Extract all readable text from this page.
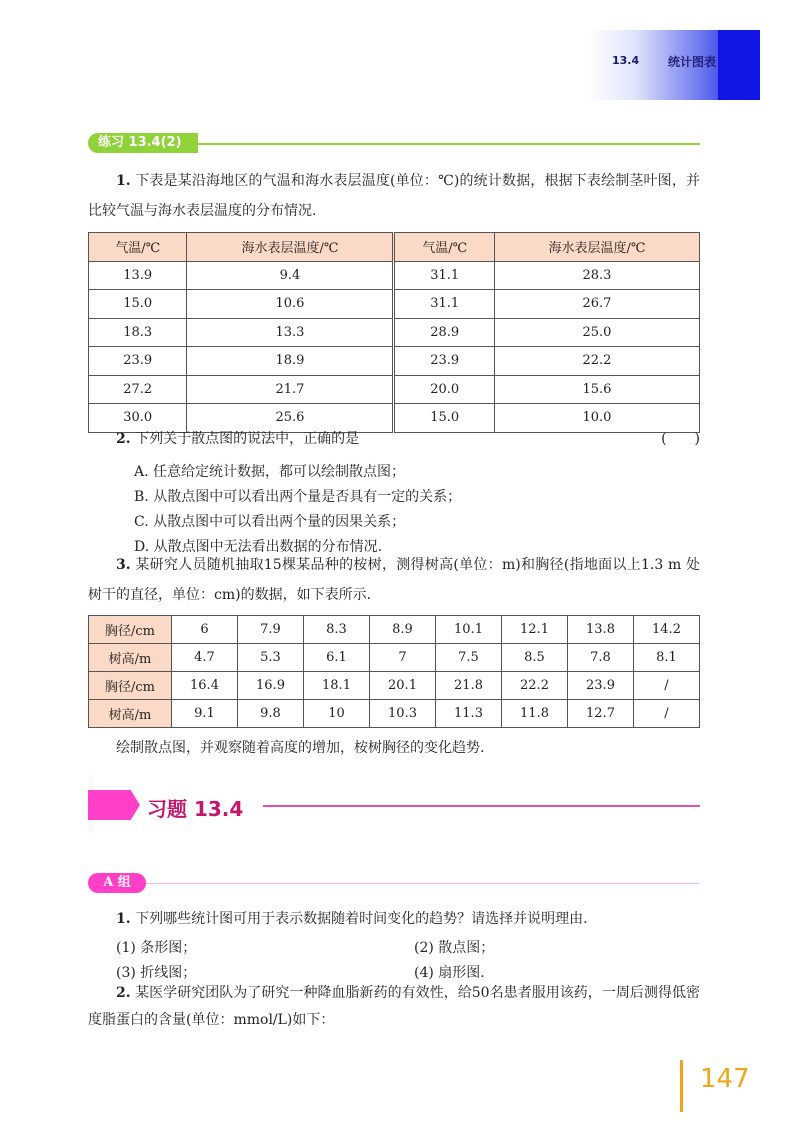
13.4 统计图表
练习 13.4(2)
1. 下表是某沿海地区的气温和海水表层温度(单位：℃)的统计数据，根据下表绘制茎叶图，并比较气温与海水表层温度的分布情况.
气温/℃	海水表层温度/℃	气温/℃	海水表层温度/℃
13.9	9.4	31.1	28.3
15.0	10.6	31.1	26.7
18.3	13.3	28.9	25.0
23.9	18.9	23.9	22.2
27.2	21.7	20.0	15.6
30.0	25.6	15.0	10.0
2. 下列关于散点图的说法中，正确的是	(　　)
A. 任意给定统计数据，都可以绘制散点图；
B. 从散点图中可以看出两个量是否具有一定的关系；
C. 从散点图中可以看出两个量的因果关系；
D. 从散点图中无法看出数据的分布情况.
3. 某研究人员随机抽取15棵某品种的桉树，测得树高(单位：m)和胸径(指地面以上1.3 m 处树干的直径，单位：cm)的数据，如下表所示.
胸径/cm	6	7.9	8.3	8.9	10.1	12.1	13.8	14.2
树高/m	4.7	5.3	6.1	7	7.5	8.5	7.8	8.1
胸径/cm	16.4	16.9	18.1	20.1	21.8	22.2	23.9	/
树高/m	9.1	9.8	10	10.3	11.3	11.8	12.7	/
绘制散点图，并观察随着高度的增加，桉树胸径的变化趋势.
习题 13.4
A 组
1. 下列哪些统计图可用于表示数据随着时间变化的趋势？请选择并说明理由.
(1) 条形图；	(2) 散点图；
(3) 折线图；	(4) 扇形图.
2. 某医学研究团队为了研究一种降血脂新药的有效性，给50名患者服用该药，一周后测得低密度脂蛋白的含量(单位：mmol/L)如下：
147
